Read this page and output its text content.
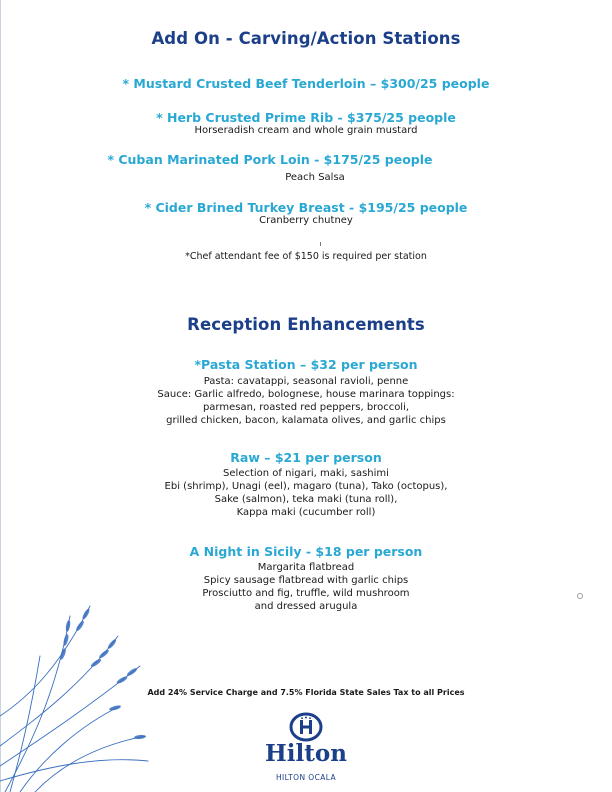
Add On - Carving/Action Stations
* Mustard Crusted Beef Tenderloin – $300/25 people
* Herb Crusted Prime Rib - $375/25 people
Horseradish cream and whole grain mustard
* Cuban Marinated Pork Loin - $175/25 people
Peach Salsa
* Cider Brined Turkey Breast - $195/25 people
Cranberry chutney
*Chef attendant fee of $150 is required per station
Reception Enhancements
*Pasta Station – $32 per person
Pasta: cavatappi, seasonal ravioli, penne
Sauce: Garlic alfredo, bolognese, house marinara toppings:
parmesan, roasted red peppers, broccoli,
grilled chicken, bacon, kalamata olives, and garlic chips
Raw – $21 per person
Selection of nigari, maki, sashimi
Ebi (shrimp), Unagi (eel), magaro (tuna), Tako (octopus),
Sake (salmon), teka maki (tuna roll),
Kappa maki (cucumber roll)
A Night in Sicily - $18 per person
Margarita flatbread
Spicy sausage flatbread with garlic chips
Prosciutto and fig, truffle, wild mushroom
and dressed arugula
Add 24% Service Charge and 7.5% Florida State Sales Tax to all Prices
Hilton
HILTON OCALA
